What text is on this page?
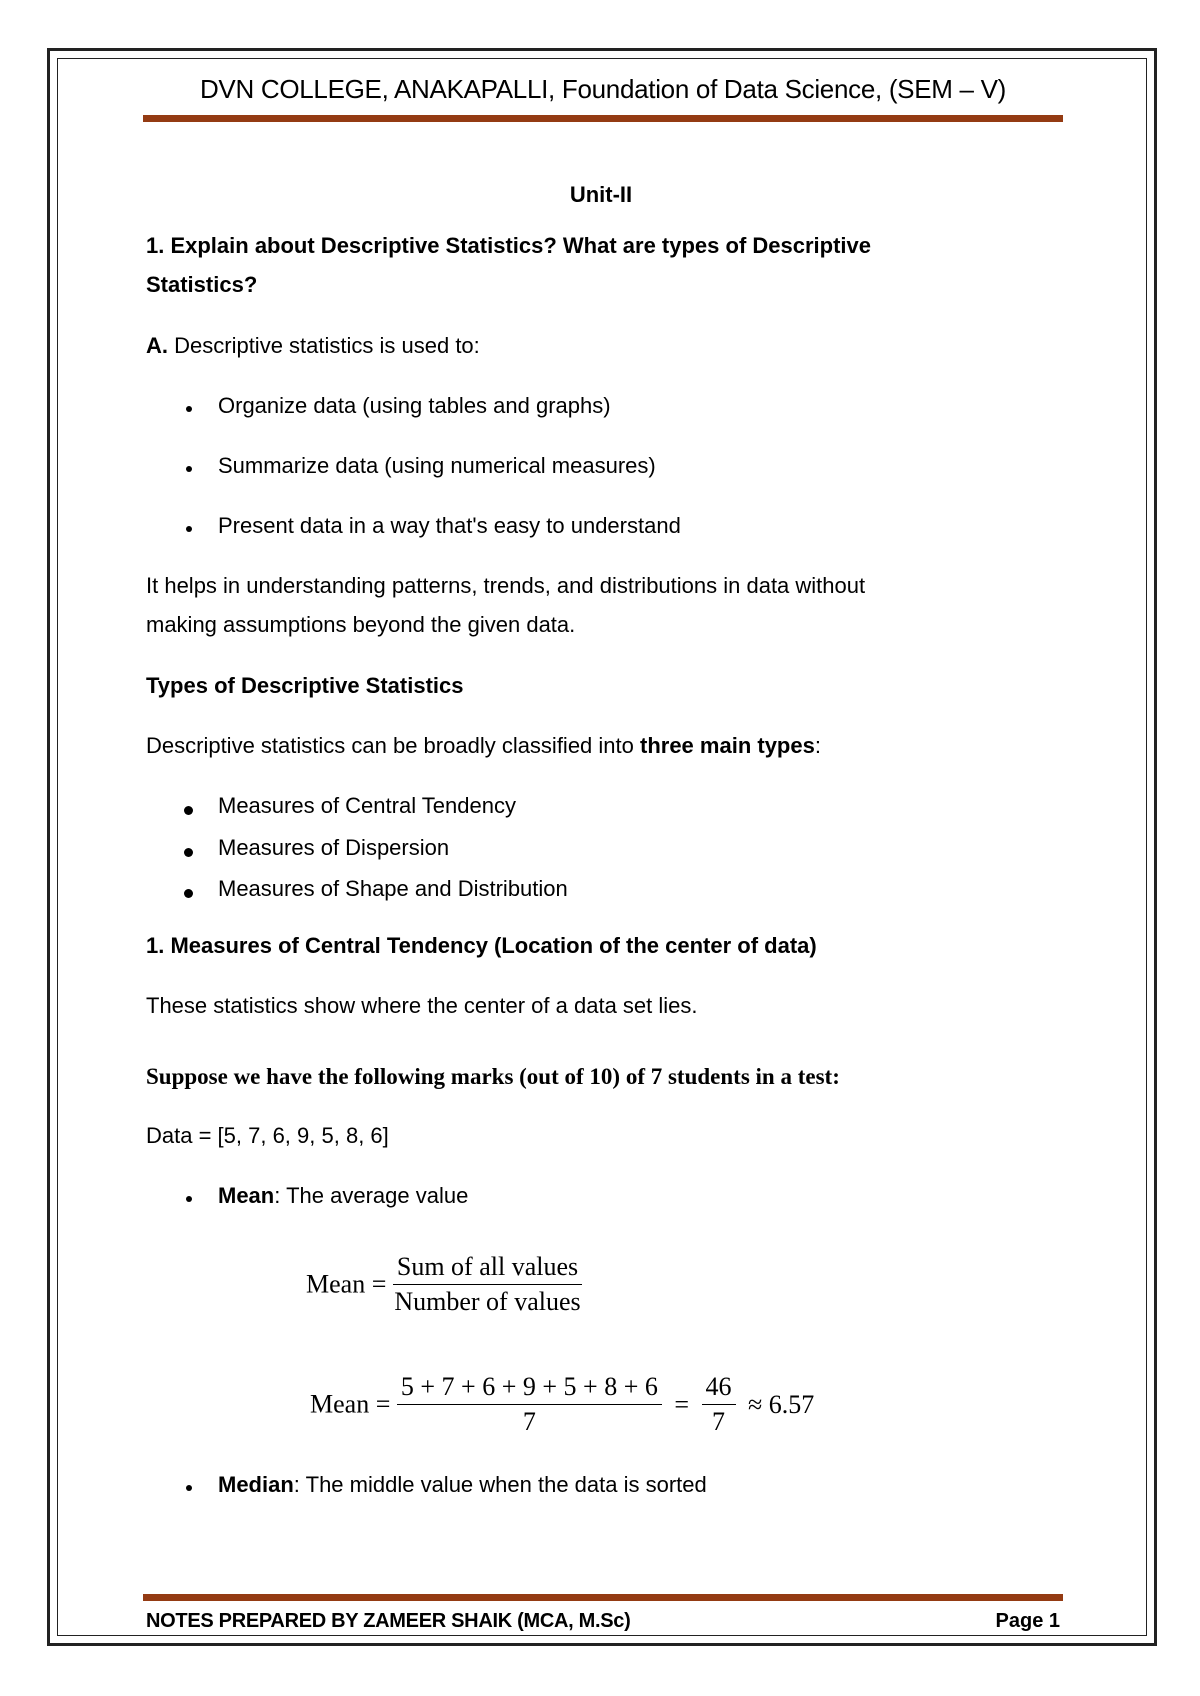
DVN COLLEGE, ANAKAPALLI, Foundation of Data Science, (SEM – V)
Unit-II
1. Explain about Descriptive Statistics? What are types of Descriptive
Statistics?
A. Descriptive statistics is used to:
Organize data (using tables and graphs)
Summarize data (using numerical measures)
Present data in a way that's easy to understand
It helps in understanding patterns, trends, and distributions in data without
making assumptions beyond the given data.
Types of Descriptive Statistics
Descriptive statistics can be broadly classified into three main types:
Measures of Central Tendency
Measures of Dispersion
Measures of Shape and Distribution
1. Measures of Central Tendency (Location of the center of data)
These statistics show where the center of a data set lies.
Suppose we have the following marks (out of 10) of 7 students in a test:
Data = [5, 7, 6, 9, 5, 8, 6]
Mean: The average value
Mean = $\frac{\text{Sum of all values}}{\text{Number of values}}$
Mean = $\frac{5 + 7 + 6 + 9 + 5 + 8 + 6}{7} = \frac{46}{7} \approx 6.57$
Median: The middle value when the data is sorted
NOTES PREPARED BY ZAMEER SHAIK (MCA, M.Sc)	Page 1
